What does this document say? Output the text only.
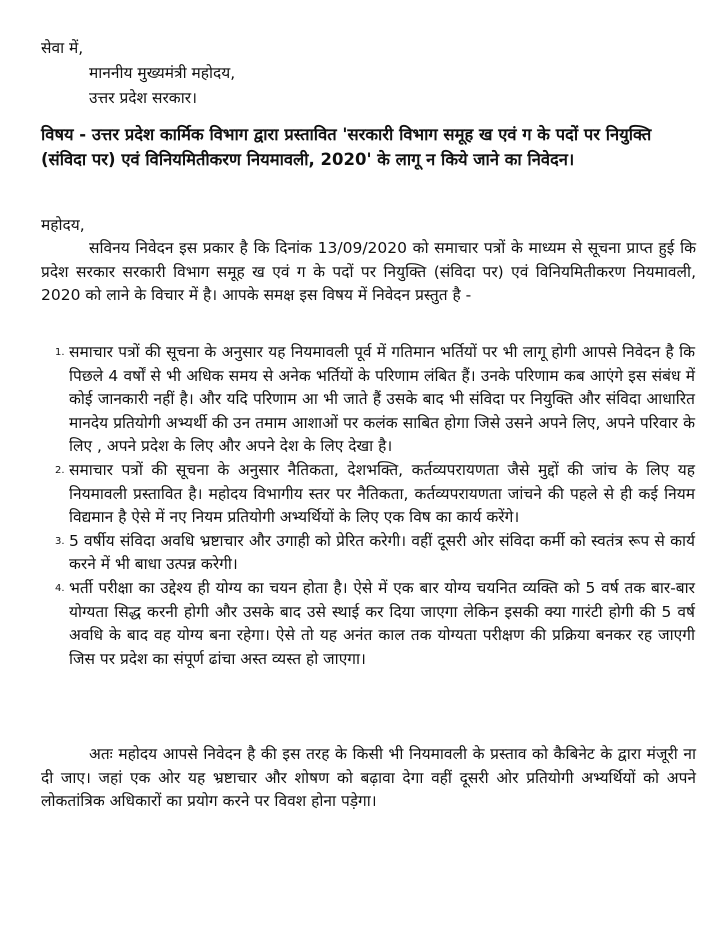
सेवा में,
माननीय मुख्यमंत्री महोदय,
उत्तर प्रदेश सरकार।
विषय - उत्तर प्रदेश कार्मिक विभाग द्वारा प्रस्तावित 'सरकारी विभाग समूह ख एवं ग के पदों पर नियुक्ति (संविदा पर) एवं विनियमितीकरण नियमावली, 2020' के लागू न किये जाने का निवेदन।
महोदय,
सविनय निवेदन इस प्रकार है कि दिनांक 13/09/2020 को समाचार पत्रों के माध्यम से सूचना प्राप्त हुई कि प्रदेश सरकार सरकारी विभाग समूह ख एवं ग के पदों पर नियुक्ति (संविदा पर) एवं विनियमितीकरण नियमावली, 2020 को लाने के विचार में है। आपके समक्ष इस विषय में निवेदन प्रस्तुत है -
1. समाचार पत्रों की सूचना के अनुसार यह नियमावली पूर्व में गतिमान भर्तियों पर भी लागू होगी आपसे निवेदन है कि पिछले 4 वर्षों से भी अधिक समय से अनेक भर्तियों के परिणाम लंबित हैं। उनके परिणाम कब आएंगे इस संबंध में कोई जानकारी नहीं है। और यदि परिणाम आ भी जाते हैं उसके बाद भी संविदा पर नियुक्ति और संविदा आधारित मानदेय प्रतियोगी अभ्यर्थी की उन तमाम आशाओं पर कलंक साबित होगा जिसे उसने अपने लिए, अपने परिवार के लिए , अपने प्रदेश के लिए और अपने देश के लिए देखा है।
2. समाचार पत्रों की सूचना के अनुसार नैतिकता, देशभक्ति, कर्तव्यपरायणता जैसे मुद्दों की जांच के लिए यह नियमावली प्रस्तावित है। महोदय विभागीय स्तर पर नैतिकता, कर्तव्यपरायणता जांचने की पहले से ही कई नियम विद्यमान है ऐसे में नए नियम प्रतियोगी अभ्यर्थियों के लिए एक विष का कार्य करेंगे।
3. 5 वर्षीय संविदा अवधि भ्रष्टाचार और उगाही को प्रेरित करेगी। वहीं दूसरी ओर संविदा कर्मी को स्वतंत्र रूप से कार्य करने में भी बाधा उत्पन्न करेगी।
4. भर्ती परीक्षा का उद्देश्य ही योग्य का चयन होता है। ऐसे में एक बार योग्य चयनित व्यक्ति को 5 वर्ष तक बार-बार योग्यता सिद्ध करनी होगी और उसके बाद उसे स्थाई कर दिया जाएगा लेकिन इसकी क्या गारंटी होगी की 5 वर्ष अवधि के बाद वह योग्य बना रहेगा। ऐसे तो यह अनंत काल तक योग्यता परीक्षण की प्रक्रिया बनकर रह जाएगी जिस पर प्रदेश का संपूर्ण ढांचा अस्त व्यस्त हो जाएगा।
अतः महोदय आपसे निवेदन है की इस तरह के किसी भी नियमावली के प्रस्ताव को कैबिनेट के द्वारा मंजूरी ना दी जाए। जहां एक ओर यह भ्रष्टाचार और शोषण को बढ़ावा देगा वहीं दूसरी ओर प्रतियोगी अभ्यर्थियों को अपने लोकतांत्रिक अधिकारों का प्रयोग करने पर विवश होना पड़ेगा।
